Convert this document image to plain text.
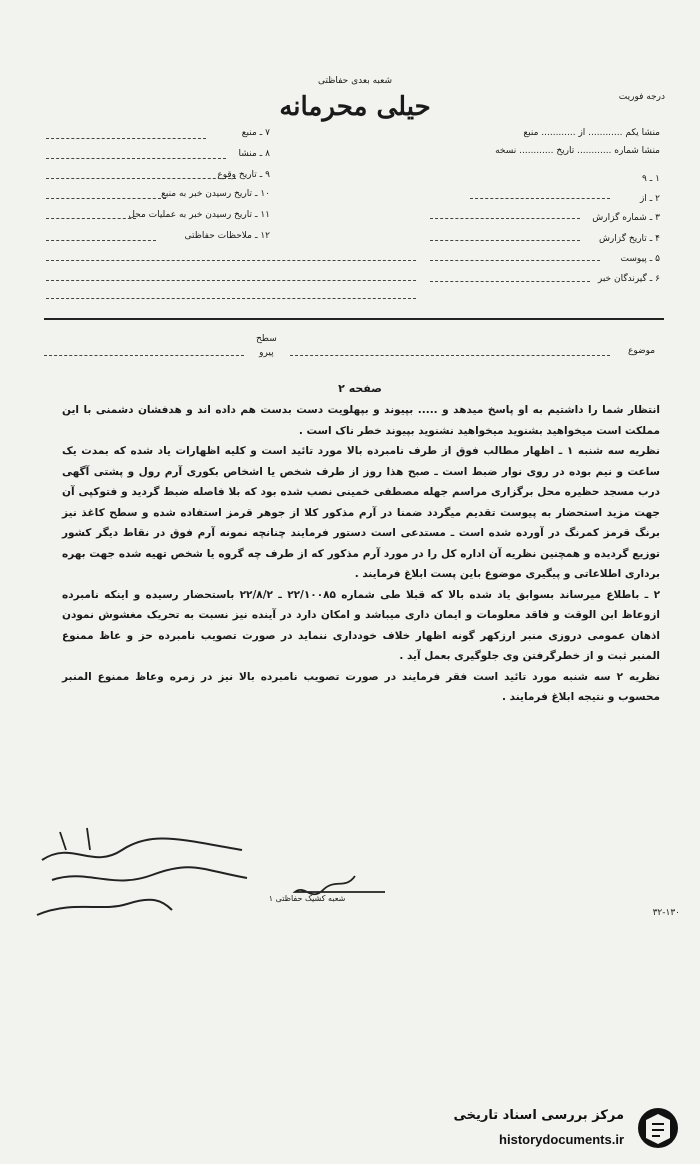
شعبه بعدی حفاظتی
حیلی محرمانه	درجه فوریت
منشا یکم ............ از ............ منبع
منشا شماره ............ تاریخ ............ نسخه
۱ ـ ۹
۲ ـ از
۳ ـ شماره گزارش
۴ ـ تاریخ گزارش
۵ ـ پیوست
۶ ـ گیرندگان خبر
۷ ـ منبع
۸ ـ منشا
۹ ـ تاریخ وقوع
۱۰ ـ تاریخ رسیدن خبر به منبع
۱۱ ـ تاریخ رسیدن خبر به عملیات محل
۱۲ ـ ملاحظات حفاظتی
سطح
پیرو	موضوع
صفحه ۲

انتظار شما را داشتیم به او پاسخ میدهد و ..... بپیوند و بپهلویت دست بدست هم داده اند و هدفشان دشمنی با این مملکت است میخواهید بشنوید میخواهید نشنوید بپیوند خطر ناک است .

نظریه سه شنبه ۱ ـ اظهار مطالب فوق از طرف نامبرده بالا مورد تائید است و کلیه اظهارات یاد شده که بمدت یک ساعت و نیم بوده در روی نوار ضبط است ـ صبح هذا روز از طرف شخص یا اشخاص بکوری آرم رول و پشتی آگهی درب مسجد حظیره محل برگزاری مراسم جهله مصطفی خمینی نصب شده بود که بلا فاصله ضبط گردید و فتوکپی آن جهت مزید استحضار به پیوست تقدیم میگردد ضمنا در آرم مذکور کلا از جوهر قرمز استفاده شده و سطح کاغذ نیز برنگ قرمز کمرنگ در آورده شده است ـ مستدعی است دستور فرمایند چنانچه نمونه آرم فوق در نقاط دیگر کشور توزیع گردیده و همچنین نظریه آن اداره کل را در مورد آرم مذکور که از طرف چه گروه یا شخص تهیه شده جهت بهره برداری اطلاعاتی و پیگیری موضوع باین پست ابلاغ فرمایند .

۲ ـ باطلاع میرساند بسوابق یاد شده بالا که قبلا طی شماره ۲۲/۱۰۰۸۵ ـ ۲۲/۸/۲ باستحضار رسیده و اینکه نامبرده ازوعاظ ابن الوقت و فاقد معلومات و ایمان داری میباشد و امکان دارد در آینده نیز نسبت به تحریک مغشوش نمودن اذهان عمومی دروزی منبر ارزکهر گونه اظهار خلاف خودداری ننماید در صورت تصویب نامبرده حز و عاظ ممنوع المنبر ثبت و از خطرگرفتن وی جلوگیری بعمل آید .

نظریه ۲ سه شنبه مورد تائید است فقر فرمایند در صورت تصویب نامبرده بالا نیز در زمره وعاظ ممنوع المنبر محسوب و نتیجه ابلاغ فرمایند .

شعبه کشیک حفاظتی ۱
۳۲-۱۳۰
مرکز بررسی اسناد تاریخی
historydocuments.ir
